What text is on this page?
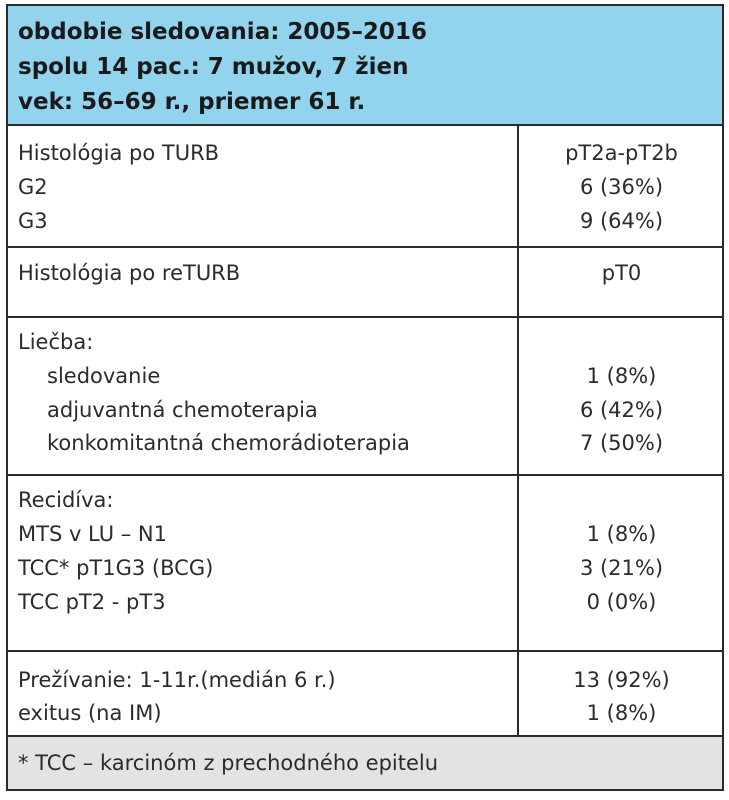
obdobie sledovania: 2005–2016
spolu 14 pac.: 7 mužov, 7 žien
vek: 56–69 r., priemer 61 r.
Histológia po TURB	pT2a-pT2b
G2	6 (36%)
G3	9 (64%)
Histológia po reTURB	pT0
Liečba:
sledovanie	1 (8%)
adjuvantná chemoterapia	6 (42%)
konkomitantná chemorádioterapia	7 (50%)
Recidíva:
MTS v LU – N1	1 (8%)
TCC* pT1G3 (BCG)	3 (21%)
TCC pT2 - pT3	0 (0%)
Prežívanie: 1-11r.(medián 6 r.)	13 (92%)
exitus (na IM)	1 (8%)
* TCC – karcinóm z prechodného epitelu
